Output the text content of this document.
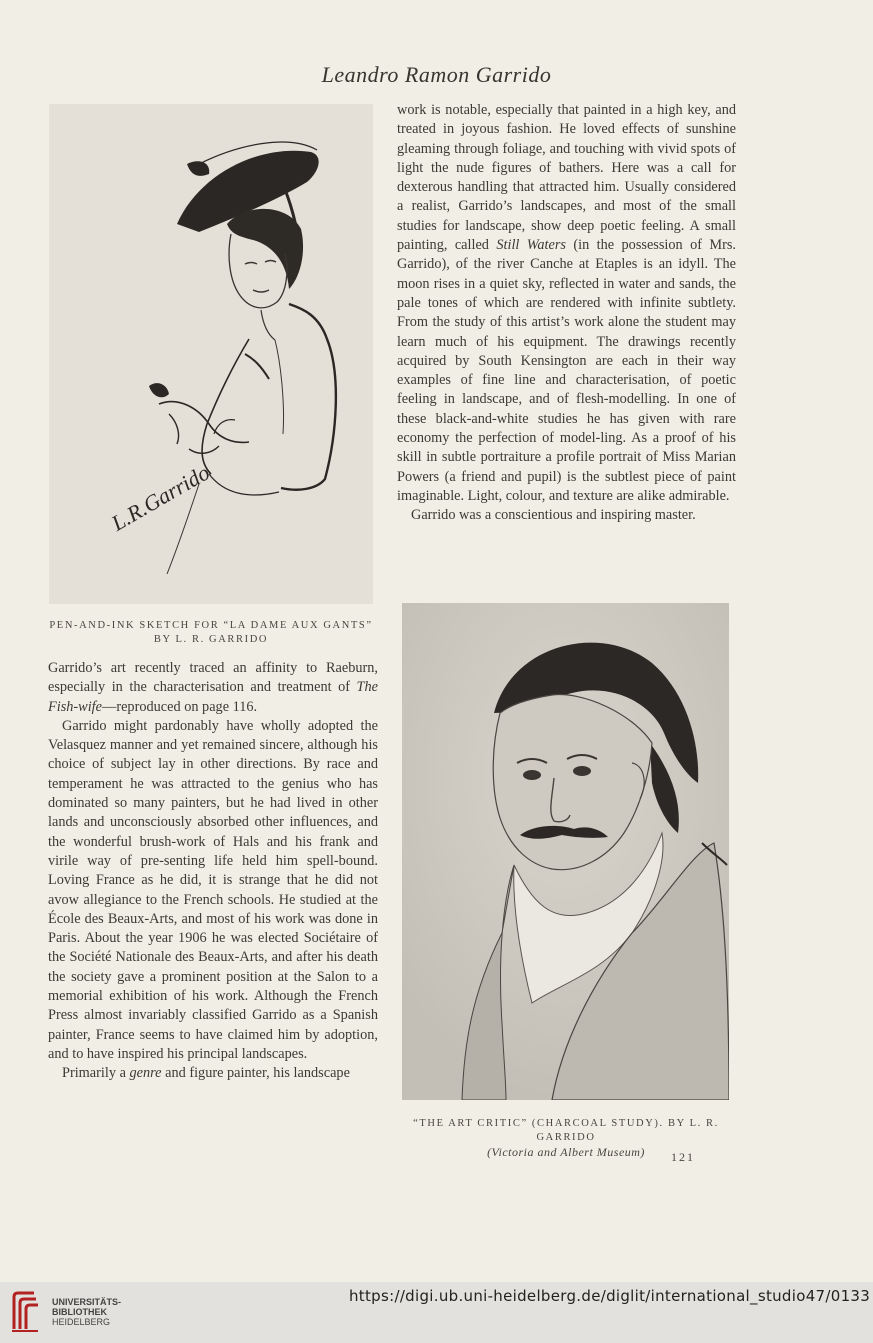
Leandro Ramon Garrido
L.R.Garrido
PEN-AND-INK SKETCH FOR “LA DAME AUX GANTS”
BY L. R. GARRIDO

work is notable, especially that painted in a high key, and treated in joyous fashion. He loved effects of sunshine gleaming through foliage, and touching with vivid spots of light the nude figures of bathers. Here was a call for dexterous handling that attracted him. Usually considered a realist, Garrido’s landscapes, and most of the small studies for landscape, show deep poetic feeling. A small painting, called Still Waters (in the possession of Mrs. Garrido), of the river Canche at Etaples is an idyll. The moon rises in a quiet sky, reflected in water and sands, the pale tones of which are rendered with infinite subtlety. From the study of this artist’s work alone the student may learn much of his equipment. The drawings recently acquired by South Kensington are each in their way examples of fine line and characterisation, of poetic feeling in landscape, and of flesh-modelling. In one of these black-and-white studies he has given with rare economy the perfection of model-ling. As a proof of his skill in subtle portraiture a profile portrait of Miss Marian Powers (a friend and pupil) is the subtlest piece of paint imaginable. Light, colour, and texture are alike admirable.

Garrido was a conscientious and inspiring master.

“THE ART CRITIC” (CHARCOAL STUDY). BY L. R. GARRIDO
(Victoria and Albert Museum)	121

Garrido’s art recently traced an affinity to Raeburn, especially in the characterisation and treatment of The Fish-wife—reproduced on page 116.

Garrido might pardonably have wholly adopted the Velasquez manner and yet remained sincere, although his choice of subject lay in other directions. By race and temperament he was attracted to the genius who has dominated so many painters, but he had lived in other lands and unconsciously absorbed other influences, and the wonderful brush-work of Hals and his frank and virile way of pre-senting life held him spell-bound. Loving France as he did, it is strange that he did not avow allegiance to the French schools. He studied at the École des Beaux-Arts, and most of his work was done in Paris. About the year 1906 he was elected Sociétaire of the Société Nationale des Beaux-Arts, and after his death the society gave a prominent position at the Salon to a memorial exhibition of his work. Although the French Press almost invariably classified Garrido as a Spanish painter, France seems to have claimed him by adoption, and to have inspired his principal landscapes.

Primarily a genre and figure painter, his landscape

UNIVERSITÄTS-
BIBLIOTHEK
HEIDELBERG
https://digi.ub.uni-heidelberg.de/diglit/international_studio47/0133
